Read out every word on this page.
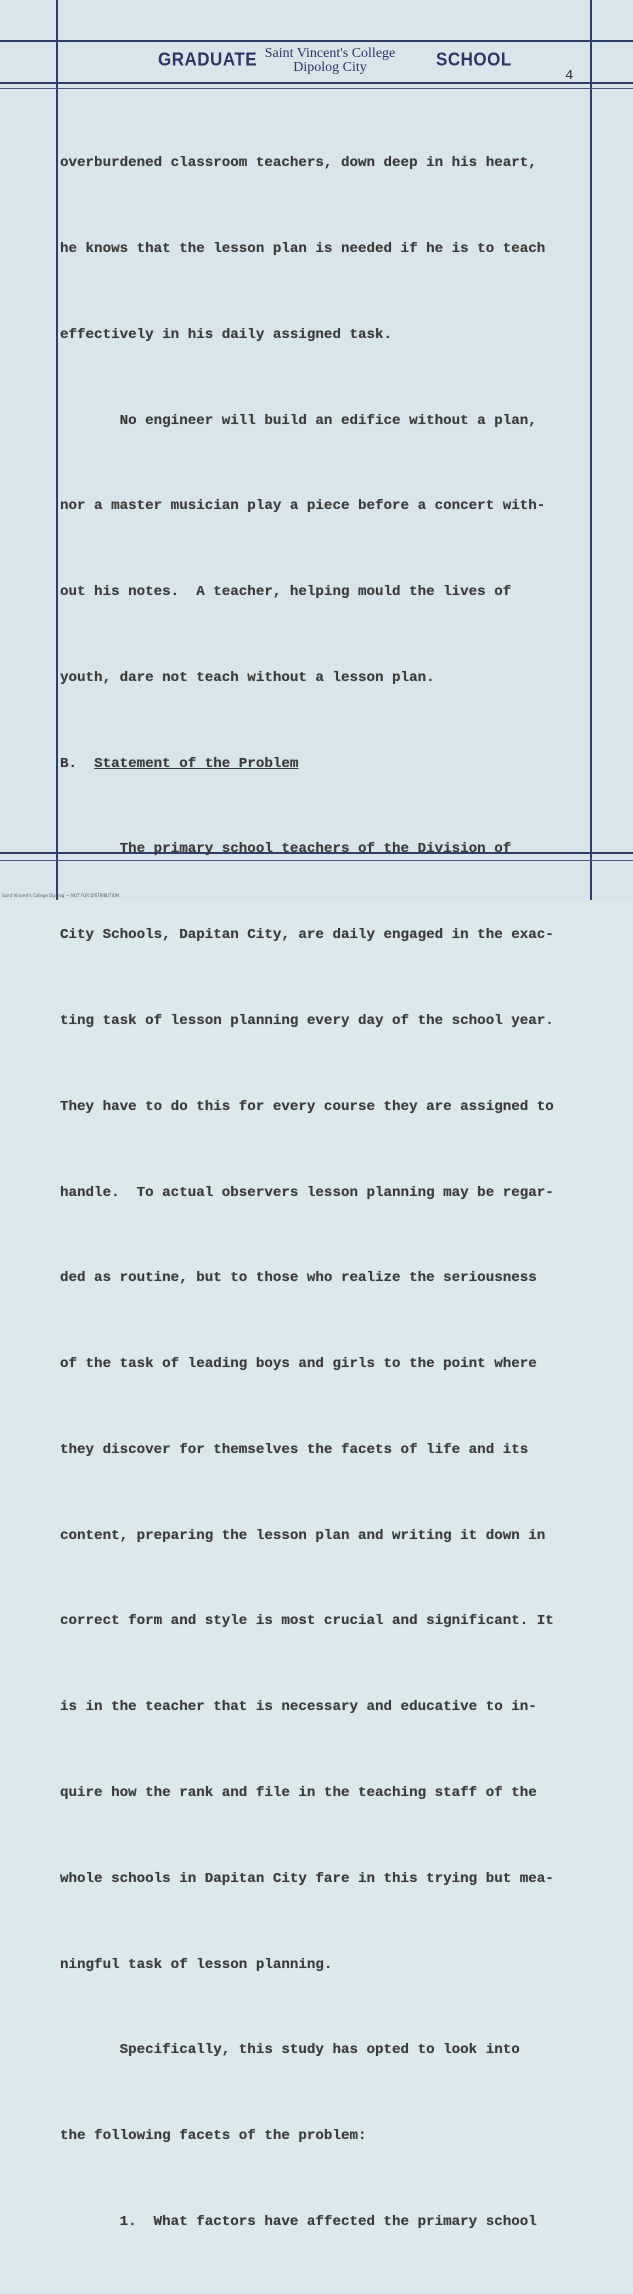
GRADUATE Saint Vincent's College
Dipolog City	SCHOOL
4

overburdened classroom teachers, down deep in his heart,

he knows that the lesson plan is needed if he is to teach

effectively in his daily assigned task.

No engineer will build an edifice without a plan,

nor a master musician play a piece before a concert with-

out his notes.  A teacher, helping mould the lives of

youth, dare not teach without a lesson plan.

B. Statement of the Problem

The primary school teachers of the Division of

City Schools, Dapitan City, are daily engaged in the exac-

ting task of lesson planning every day of the school year.

They have to do this for every course they are assigned to

handle.  To actual observers lesson planning may be regar-

ded as routine, but to those who realize the seriousness

of the task of leading boys and girls to the point where

they discover for themselves the facets of life and its

content, preparing the lesson plan and writing it down in

correct form and style is most crucial and significant. It

is in the teacher that is necessary and educative to in-

quire how the rank and file in the teaching staff of the

whole schools in Dapitan City fare in this trying but mea-

ningful task of lesson planning.

Specifically, this study has opted to look into

the following facets of the problem:

1.  What factors have affected the primary school

Saint Vincent's College Dipolog — NOT FOR DISTRIBUTION
